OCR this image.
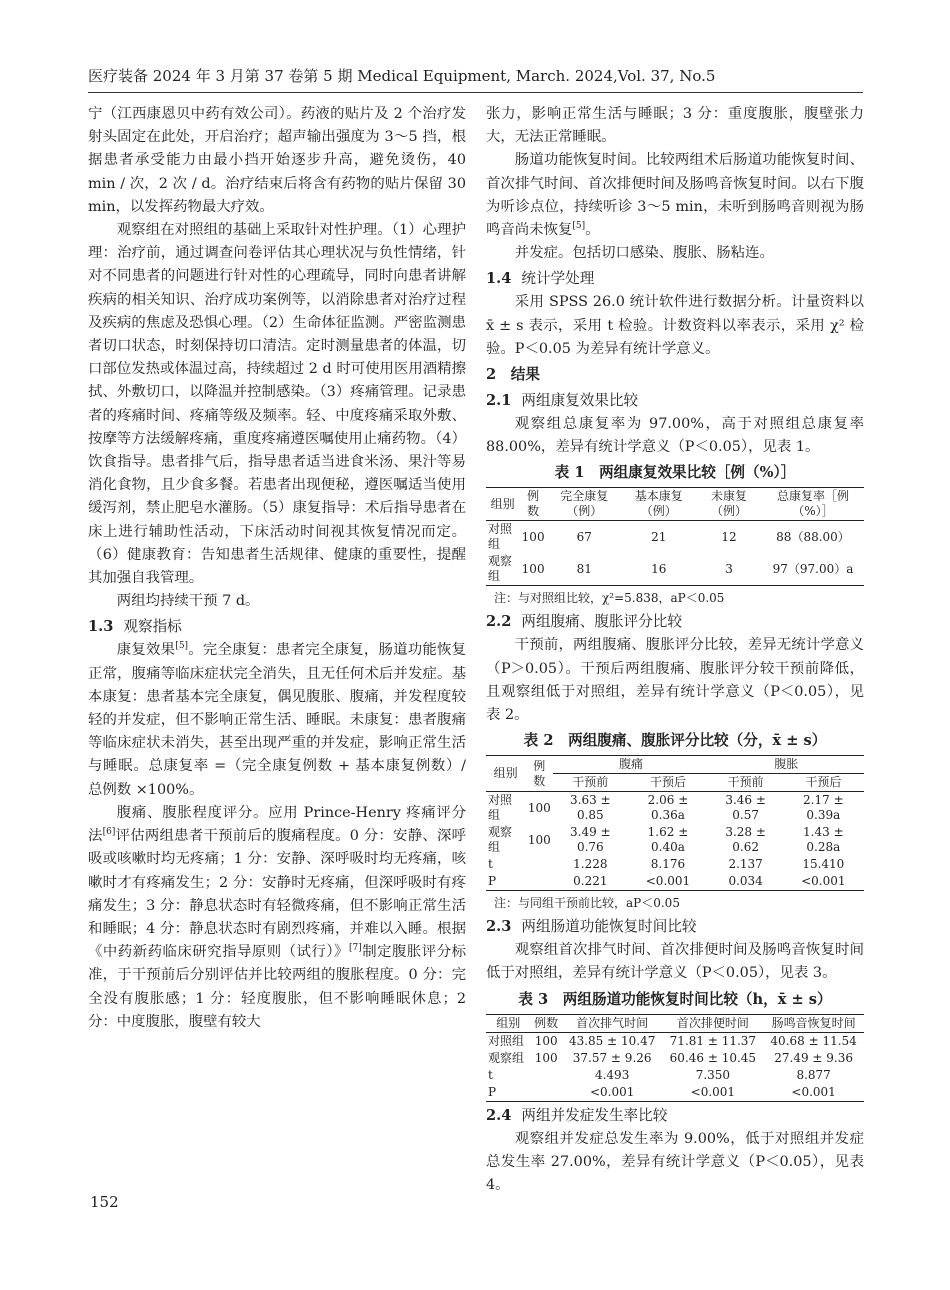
医疗装备 2024 年 3 月第 37 卷第 5 期 Medical Equipment, March. 2024,Vol. 37, No.5

宁（江西康恩贝中药有效公司）。药液的贴片及 2 个治疗发射头固定在此处，开启治疗；超声输出强度为 3～5 挡，根据患者承受能力由最小挡开始逐步升高，避免烫伤，40 min / 次，2 次 / d。治疗结束后将含有药物的贴片保留 30 min，以发挥药物最大疗效。

观察组在对照组的基础上采取针对性护理。（1）心理护理：治疗前，通过调查问卷评估其心理状况与负性情绪，针对不同患者的问题进行针对性的心理疏导，同时向患者讲解疾病的相关知识、治疗成功案例等，以消除患者对治疗过程及疾病的焦虑及恐惧心理。（2）生命体征监测。严密监测患者切口状态，时刻保持切口清洁。定时测量患者的体温，切口部位发热或体温过高，持续超过 2 d 时可使用医用酒精擦拭、外敷切口，以降温并控制感染。（3）疼痛管理。记录患者的疼痛时间、疼痛等级及频率。轻、中度疼痛采取外敷、按摩等方法缓解疼痛，重度疼痛遵医嘱使用止痛药物。（4）饮食指导。患者排气后，指导患者适当进食米汤、果汁等易消化食物，且少食多餐。若患者出现便秘，遵医嘱适当使用缓泻剂，禁止肥皂水灌肠。（5）康复指导：术后指导患者在床上进行辅助性活动，下床活动时间视其恢复情况而定。（6）健康教育：告知患者生活规律、健康的重要性，提醒其加强自我管理。

两组均持续干预 7 d。

1.3 观察指标

康复效果[5]。完全康复：患者完全康复，肠道功能恢复正常，腹痛等临床症状完全消失，且无任何术后并发症。基本康复：患者基本完全康复，偶见腹胀、腹痛，并发程度较轻的并发症，但不影响正常生活、睡眠。未康复：患者腹痛等临床症状未消失，甚至出现严重的并发症，影响正常生活与睡眠。总康复率 =（完全康复例数 + 基本康复例数）/ 总例数 ×100%。

腹痛、腹胀程度评分。应用 Prince-Henry 疼痛评分法[6]评估两组患者干预前后的腹痛程度。0 分：安静、深呼吸或咳嗽时均无疼痛；1 分：安静、深呼吸时均无疼痛，咳嗽时才有疼痛发生；2 分：安静时无疼痛，但深呼吸时有疼痛发生；3 分：静息状态时有轻微疼痛，但不影响正常生活和睡眠；4 分：静息状态时有剧烈疼痛，并难以入睡。根据《中药新药临床研究指导原则（试行）》[7]制定腹胀评分标准，于干预前后分别评估并比较两组的腹胀程度。0 分：完全没有腹胀感；1 分：轻度腹胀，但不影响睡眠休息；2 分：中度腹胀，腹壁有较大

张力，影响正常生活与睡眠；3 分：重度腹胀，腹壁张力大，无法正常睡眠。

肠道功能恢复时间。比较两组术后肠道功能恢复时间、首次排气时间、首次排便时间及肠鸣音恢复时间。以右下腹为听诊点位，持续听诊 3～5 min，未听到肠鸣音则视为肠鸣音尚未恢复[5]。

并发症。包括切口感染、腹胀、肠粘连。

1.4 统计学处理

采用 SPSS 26.0 统计软件进行数据分析。计量资料以 x̄ ± s 表示，采用 t 检验。计数资料以率表示，采用 χ² 检验。P＜0.05 为差异有统计学意义。

2　结果
2.1 两组康复效果比较

观察组总康复率为 97.00%，高于对照组总康复率 88.00%，差异有统计学意义（P＜0.05），见表 1。

表 1　两组康复效果比较［例（%）］
组别	例数	完全康复（例）	基本康复（例）	未康复（例）	总康复率［例（%）］
对照组	100	67	21	12	88（88.00）
观察组	100	81	16	3	97（97.00）a
注：与对照组比较，χ²=5.838，aP＜0.05
2.2 两组腹痛、腹胀评分比较

干预前，两组腹痛、腹胀评分比较，差异无统计学意义（P＞0.05）。干预后两组腹痛、腹胀评分较干预前降低，且观察组低于对照组，差异有统计学意义（P＜0.05），见表 2。

表 2　两组腹痛、腹胀评分比较（分，x̄ ± s）
组别	例数	腹痛		腹胀	
		干预前	干预后	干预前	干预后
对照组	100	3.63 ± 0.85	2.06 ± 0.36a	3.46 ± 0.57	2.17 ± 0.39a
观察组	100	3.49 ± 0.76	1.62 ± 0.40a	3.28 ± 0.62	1.43 ± 0.28a
t		1.228	8.176	2.137	15.410
P		0.221	<0.001	0.034	<0.001
注：与同组干预前比较，aP＜0.05
2.3 两组肠道功能恢复时间比较

观察组首次排气时间、首次排便时间及肠鸣音恢复时间低于对照组，差异有统计学意义（P＜0.05），见表 3。

表 3　两组肠道功能恢复时间比较（h，x̄ ± s）
组别	例数	首次排气时间	首次排便时间	肠鸣音恢复时间
对照组	100	43.85 ± 10.47	71.81 ± 11.37	40.68 ± 11.54
观察组	100	37.57 ± 9.26	60.46 ± 10.45	27.49 ± 9.36
t		4.493	7.350	8.877
P		<0.001	<0.001	<0.001
2.4 两组并发症发生率比较

观察组并发症总发生率为 9.00%，低于对照组并发症总发生率 27.00%，差异有统计学意义（P＜0.05），见表 4。

152
